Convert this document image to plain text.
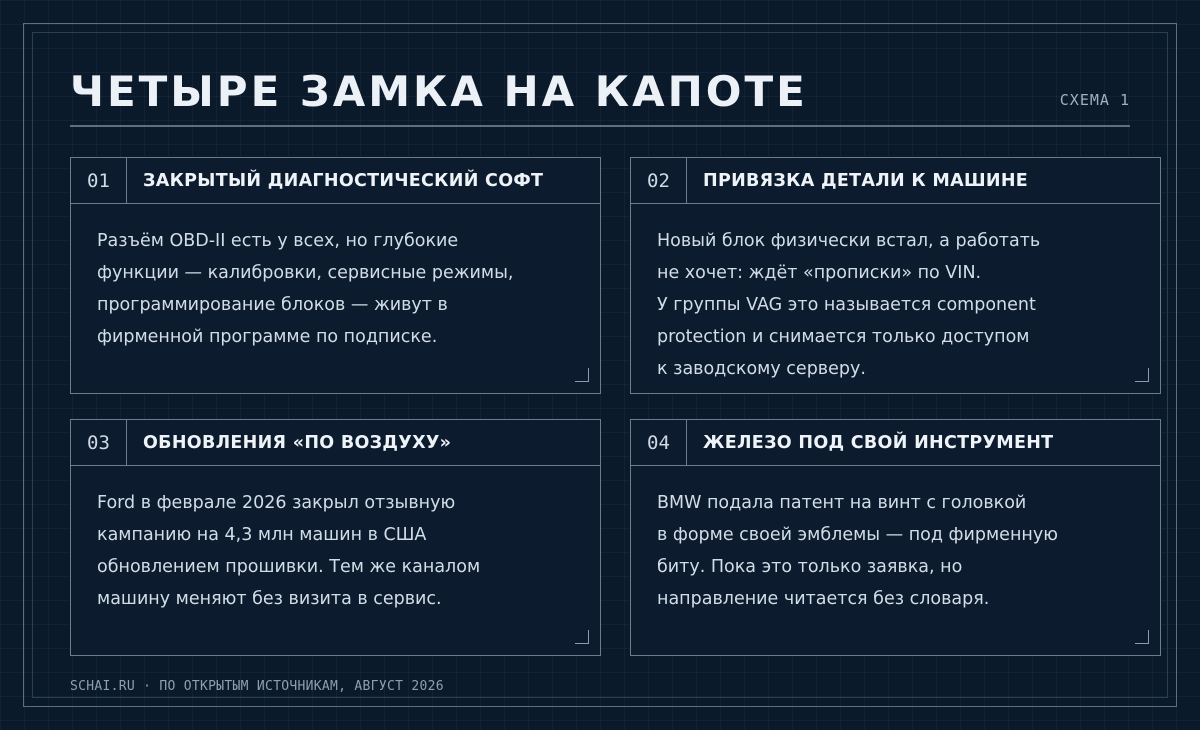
ЧЕТЫРЕ ЗАМКА НА КАПОТЕ	СХЕМА 1
01	ЗАКРЫТЫЙ ДИАГНОСТИЧЕСКИЙ СОФТ
Разъём OBD-II есть у всех, но глубокие
функции — калибровки, сервисные режимы,
программирование блоков — живут в
фирменной программе по подписке.
02	ПРИВЯЗКА ДЕТАЛИ К МАШИНЕ
Новый блок физически встал, а работать
не хочет: ждёт «прописки» по VIN.
У группы VAG это называется component
protection и снимается только доступом
к заводскому серверу.
03	ОБНОВЛЕНИЯ «ПО ВОЗДУХУ»
Ford в феврале 2026 закрыл отзывную
кампанию на 4,3 млн машин в США
обновлением прошивки. Тем же каналом
машину меняют без визита в сервис.
04	ЖЕЛЕЗО ПОД СВОЙ ИНСТРУМЕНТ
BMW подала патент на винт с головкой
в форме своей эмблемы — под фирменную
биту. Пока это только заявка, но
направление читается без словаря.
SCHAI.RU · ПО ОТКРЫТЫМ ИСТОЧНИКАМ, АВГУСТ 2026
